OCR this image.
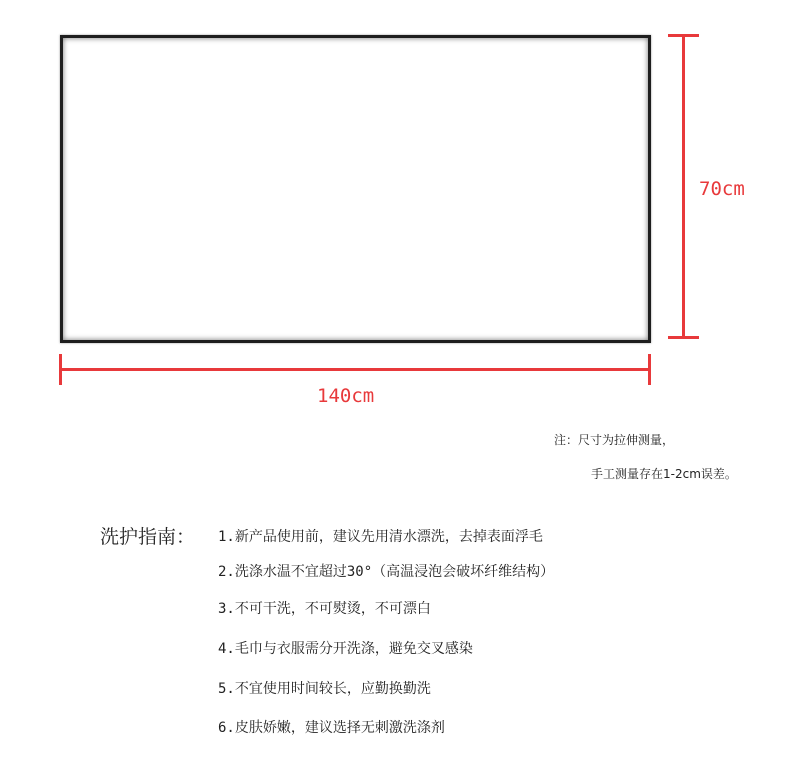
70cm
140cm
注：尺寸为拉伸测量，
手工测量存在1-2cm误差。
洗护指南： 1.新产品使用前，建议先用清水漂洗，去掉表面浮毛
2.洗涤水温不宜超过30°（高温浸泡会破坏纤维结构）
3.不可干洗，不可熨烫，不可漂白
4.毛巾与衣服需分开洗涤，避免交叉感染
5.不宜使用时间较长，应勤换勤洗
6.皮肤娇嫩，建议选择无刺激洗涤剂
